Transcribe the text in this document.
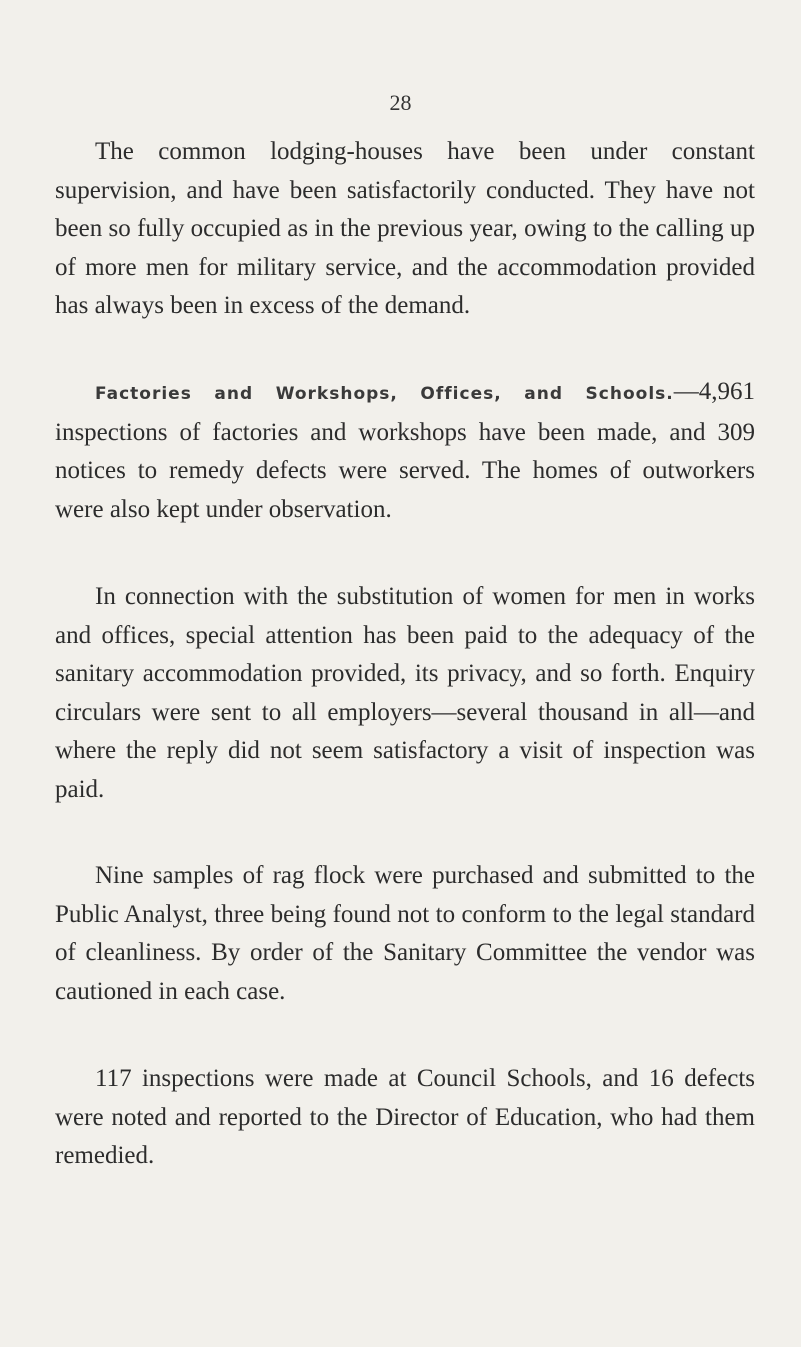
28

The common lodging-houses have been under constant supervision, and have been satisfactorily conducted. They have not been so fully occupied as in the previous year, owing to the calling up of more men for military service, and the accommodation provided has always been in excess of the demand.

Factories and Workshops, Offices, and Schools.—4,961 inspections of factories and workshops have been made, and 309 notices to remedy defects were served. The homes of outworkers were also kept under observation.

In connection with the substitution of women for men in works and offices, special attention has been paid to the adequacy of the sanitary accommodation provided, its privacy, and so forth. Enquiry circulars were sent to all employers—several thousand in all—and where the reply did not seem satisfactory a visit of inspection was paid.

Nine samples of rag flock were purchased and submitted to the Public Analyst, three being found not to conform to the legal standard of cleanliness. By order of the Sanitary Committee the vendor was cautioned in each case.

117 inspections were made at Council Schools, and 16 defects were noted and reported to the Director of Education, who had them remedied.
